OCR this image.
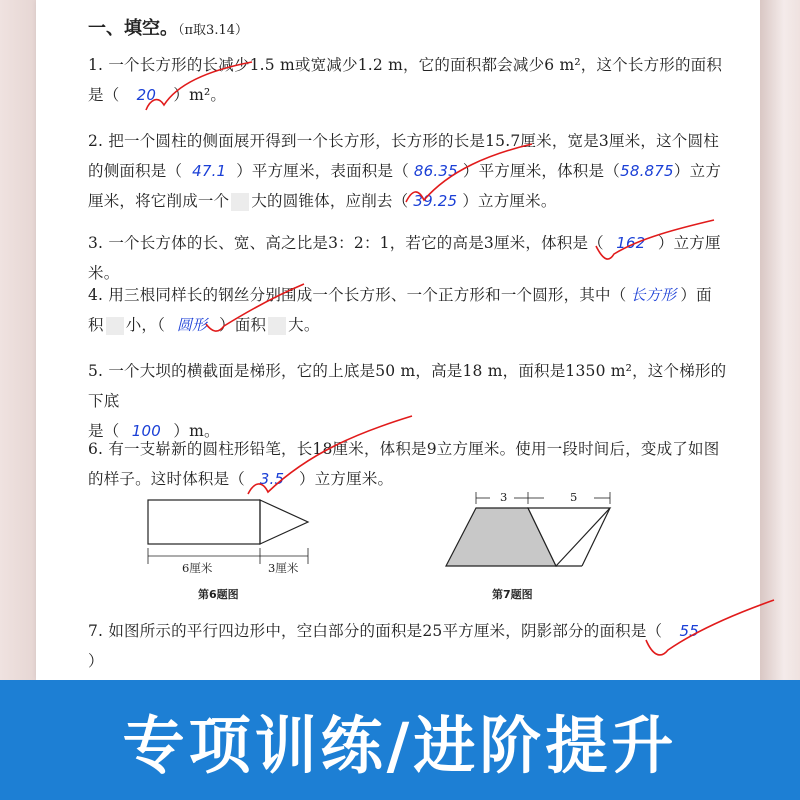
一、填空。（π取3.14）
1. 一个长方形的长减少1.5 m或宽减少1.2 m，它的面积都会减少6 m²，这个长方形的面积
是（ 20 ）m²。
2. 把一个圆柱的侧面展开得到一个长方形，长方形的长是15.7厘米，宽是3厘米，这个圆柱
的侧面积是（ 47.1 ）平方厘米，表面积是（ 86.35 ）平方厘米，体积是（58.875）立方
厘米，将它削成一个 大的圆锥体，应削去（ 39.25 ）立方厘米。
3. 一个长方体的长、宽、高之比是3：2：1，若它的高是3厘米，体积是（ 162 ）立方厘米。
4. 用三根同样长的钢丝分别围成一个长方形、一个正方形和一个圆形，其中（ 长方形 ）面
积 小，（ 圆形 ）面积 大。
5. 一个大坝的横截面是梯形，它的上底是50 m，高是18 m，面积是1350 m²，这个梯形的下底
是（ 100 ）m。
6. 有一支崭新的圆柱形铅笔，长18厘米，体积是9立方厘米。使用一段时间后，变成了如图
的样子。这时体积是（ 3.5 ）立方厘米。
6厘米	3厘米
第6题图
3	5
第7题图
7. 如图所示的平行四边形中，空白部分的面积是25平方厘米，阴影部分的面积是（ 55）
专项训练/进阶提升
